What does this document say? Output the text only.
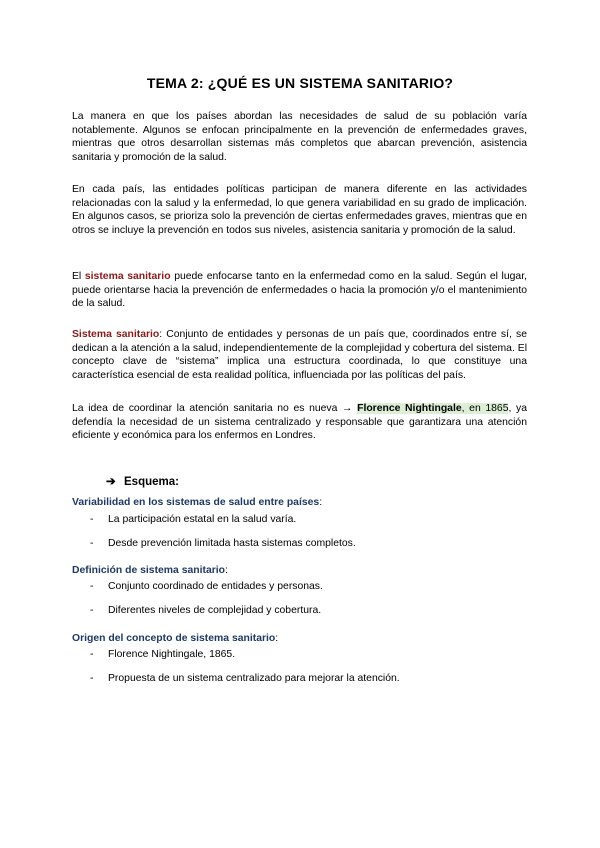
TEMA 2: ¿QUÉ ES UN SISTEMA SANITARIO?
La manera en que los países abordan las necesidades de salud de su población varía notablemente. Algunos se enfocan principalmente en la prevención de enfermedades graves, mientras que otros desarrollan sistemas más completos que abarcan prevención, asistencia sanitaria y promoción de la salud.
En cada país, las entidades políticas participan de manera diferente en las actividades relacionadas con la salud y la enfermedad, lo que genera variabilidad en su grado de implicación. En algunos casos, se prioriza solo la prevención de ciertas enfermedades graves, mientras que en otros se incluye la prevención en todos sus niveles, asistencia sanitaria y promoción de la salud.
El sistema sanitario puede enfocarse tanto en la enfermedad como en la salud. Según el lugar, puede orientarse hacia la prevención de enfermedades o hacia la promoción y/o el mantenimiento de la salud.
Sistema sanitario: Conjunto de entidades y personas de un país que, coordinados entre sí, se dedican a la atención a la salud, independientemente de la complejidad y cobertura del sistema. El concepto clave de “sistema” implica una estructura coordinada, lo que constituye una característica esencial de esta realidad política, influenciada por las políticas del país.
La idea de coordinar la atención sanitaria no es nueva → Florence Nightingale, en 1865, ya defendía la necesidad de un sistema centralizado y responsable que garantizara una atención eficiente y económica para los enfermos en Londres.
➔ Esquema:
Variabilidad en los sistemas de salud entre países:
- La participación estatal en la salud varía.
- Desde prevención limitada hasta sistemas completos.
Definición de sistema sanitario:
- Conjunto coordinado de entidades y personas.
- Diferentes niveles de complejidad y cobertura.
Origen del concepto de sistema sanitario:
- Florence Nightingale, 1865.
- Propuesta de un sistema centralizado para mejorar la atención.
